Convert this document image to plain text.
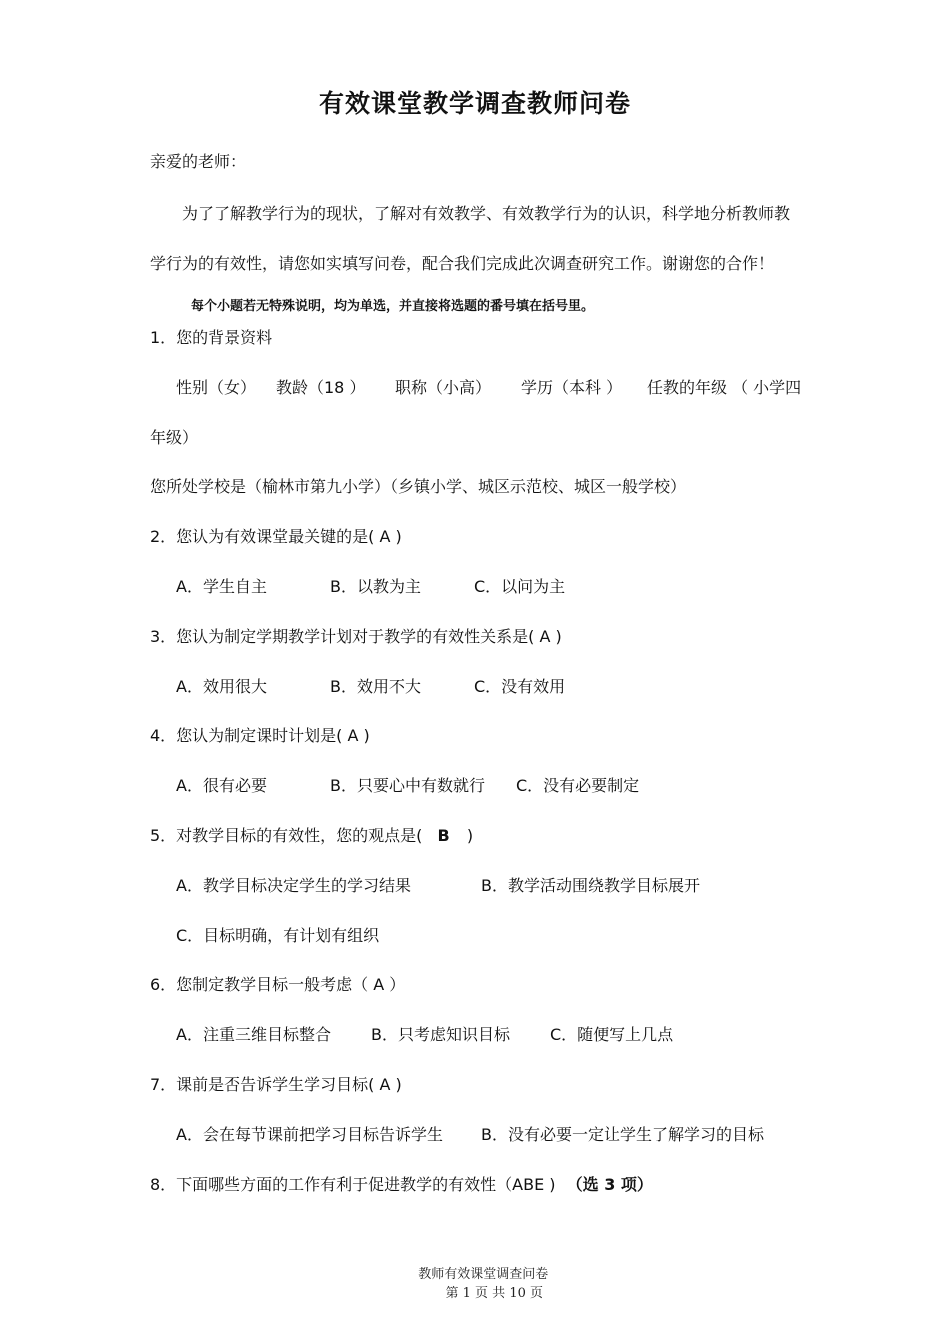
有效课堂教学调查教师问卷
亲爱的老师：
为了了解教学行为的现状，了解对有效教学、有效教学行为的认识，科学地分析教师教
学行为的有效性，请您如实填写问卷，配合我们完成此次调查研究工作。谢谢您的合作！
每个小题若无特殊说明，均为单选，并直接将选题的番号填在括号里。
1．您的背景资料
性别（女） 教龄（18 ） 职称（小高） 学历（本科 ） 任教的年级 （ 小学四
年级）
您所处学校是（榆林市第九小学）（乡镇小学、城区示范校、城区一般学校）
2．您认为有效课堂最关键的是( A )
A．学生自主	B．以教为主	C．以问为主
3．您认为制定学期教学计划对于教学的有效性关系是( A )
A．效用很大	B．效用不大	C．没有效用
4．您认为制定课时计划是( A )
A．很有必要	B．只要心中有数就行 C．没有必要制定
5．对教学目标的有效性，您的观点是( B )
A．教学目标决定学生的学习结果	B．教学活动围绕教学目标展开
C．目标明确，有计划有组织
6．您制定教学目标一般考虑（ A ）
A．注重三维目标整合	B．只考虑知识目标	C．随便写上几点
7．课前是否告诉学生学习目标( A )
A．会在每节课前把学习目标告诉学生 B．没有必要一定让学生了解学习的目标
8．下面哪些方面的工作有利于促进教学的有效性（ABE ) （选 3 项）

教师有效课堂调查问卷
第 1 页 共 10 页
